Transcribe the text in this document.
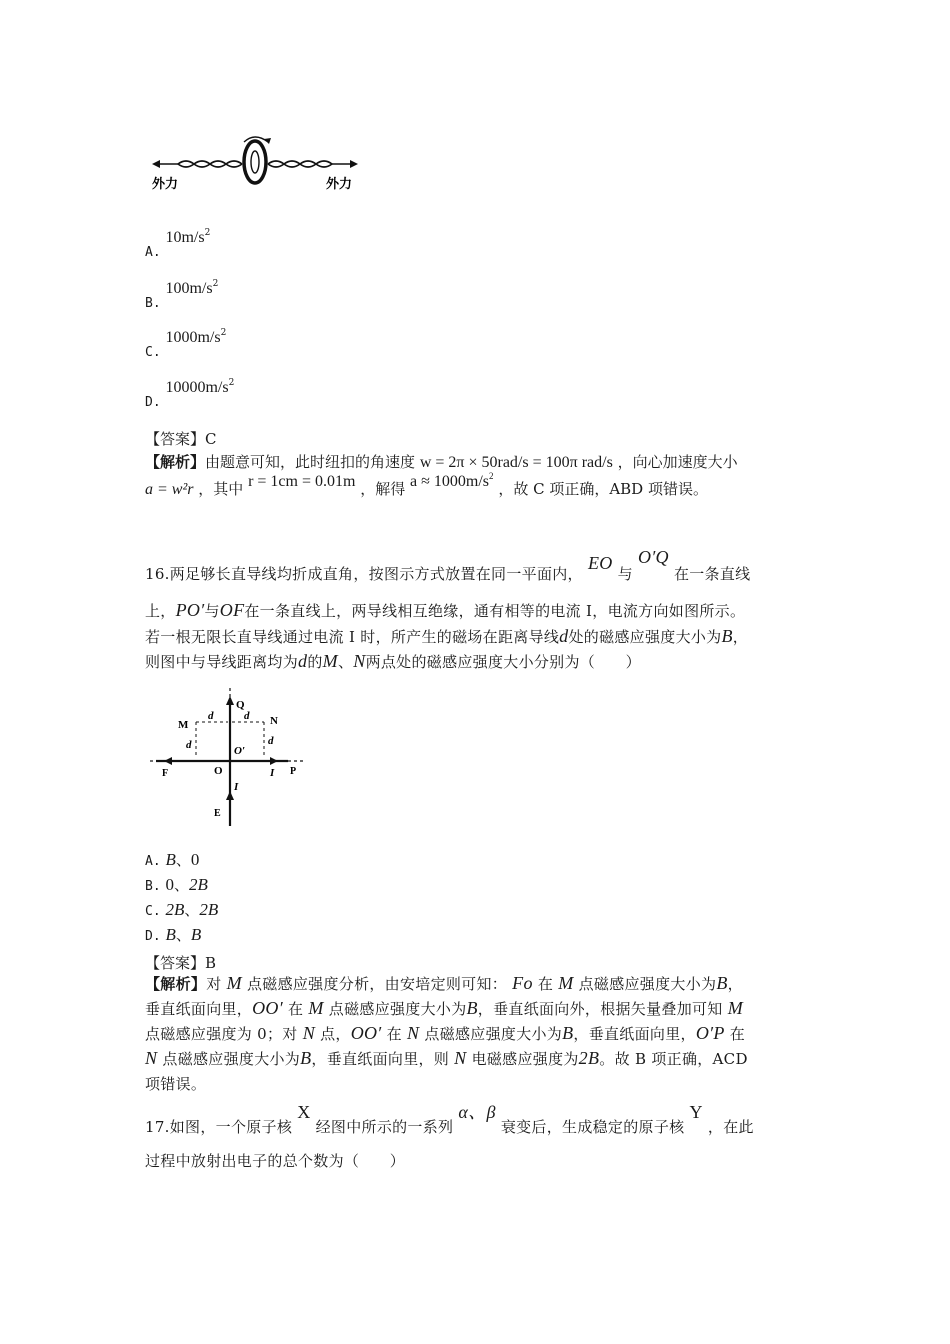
外力	外力
A. $10m/s^2$
B. $100m/s^2$
C. $1000m/s^2$
D. $10000m/s^2$
【答案】C
【解析】由题意可知，此时纽扣的角速度 w = 2π × 50rad/s = 100π rad/s ，向心加速度大小
a = w²r ，其中 r = 1cm = 0.01m ，解得 $a \approx 1000m/s^2$ ，故 C 项正确，ABD 项错误。
16.两足够长直导线均折成直角，按图示方式放置在同一平面内， EO 与 O′Q 在一条直线
上，PO′与OF在一条直线上，两导线相互绝缘，通有相等的电流 I，电流方向如图所示。
若一根无限长直导线通过电流 I 时，所产生的磁场在距离导线d处的磁感应强度大小为B，
则图中与导线距离均为d的M、N两点处的磁感应强度大小分别为（　　）
M	N
Q
O′
O
F	P
E
d	d
d	d
I
I
A. B、0
B. 0、2B
C. 2B、2B
D. B、B
【答案】B
【解析】对 M 点磁感应强度分析，由安培定则可知： Fo 在 M 点磁感应强度大小为B，
垂直纸面向里，OO′ 在 M 点磁感应强度大小为B，垂直纸面向外，根据矢量叠加可知 M
点磁感应强度为 0；对 N 点，OO′ 在 N 点磁感应强度大小为B，垂直纸面向里，O′P 在
N 点磁感应强度大小为B，垂直纸面向里，则 N 电磁感应强度为2B。故 B 项正确，ACD
项错误。
17.如图，一个原子核 X 经图中所示的一系列 α、β 衰变后，生成稳定的原子核 Y ，在此
过程中放射出电子的总个数为（　　）
